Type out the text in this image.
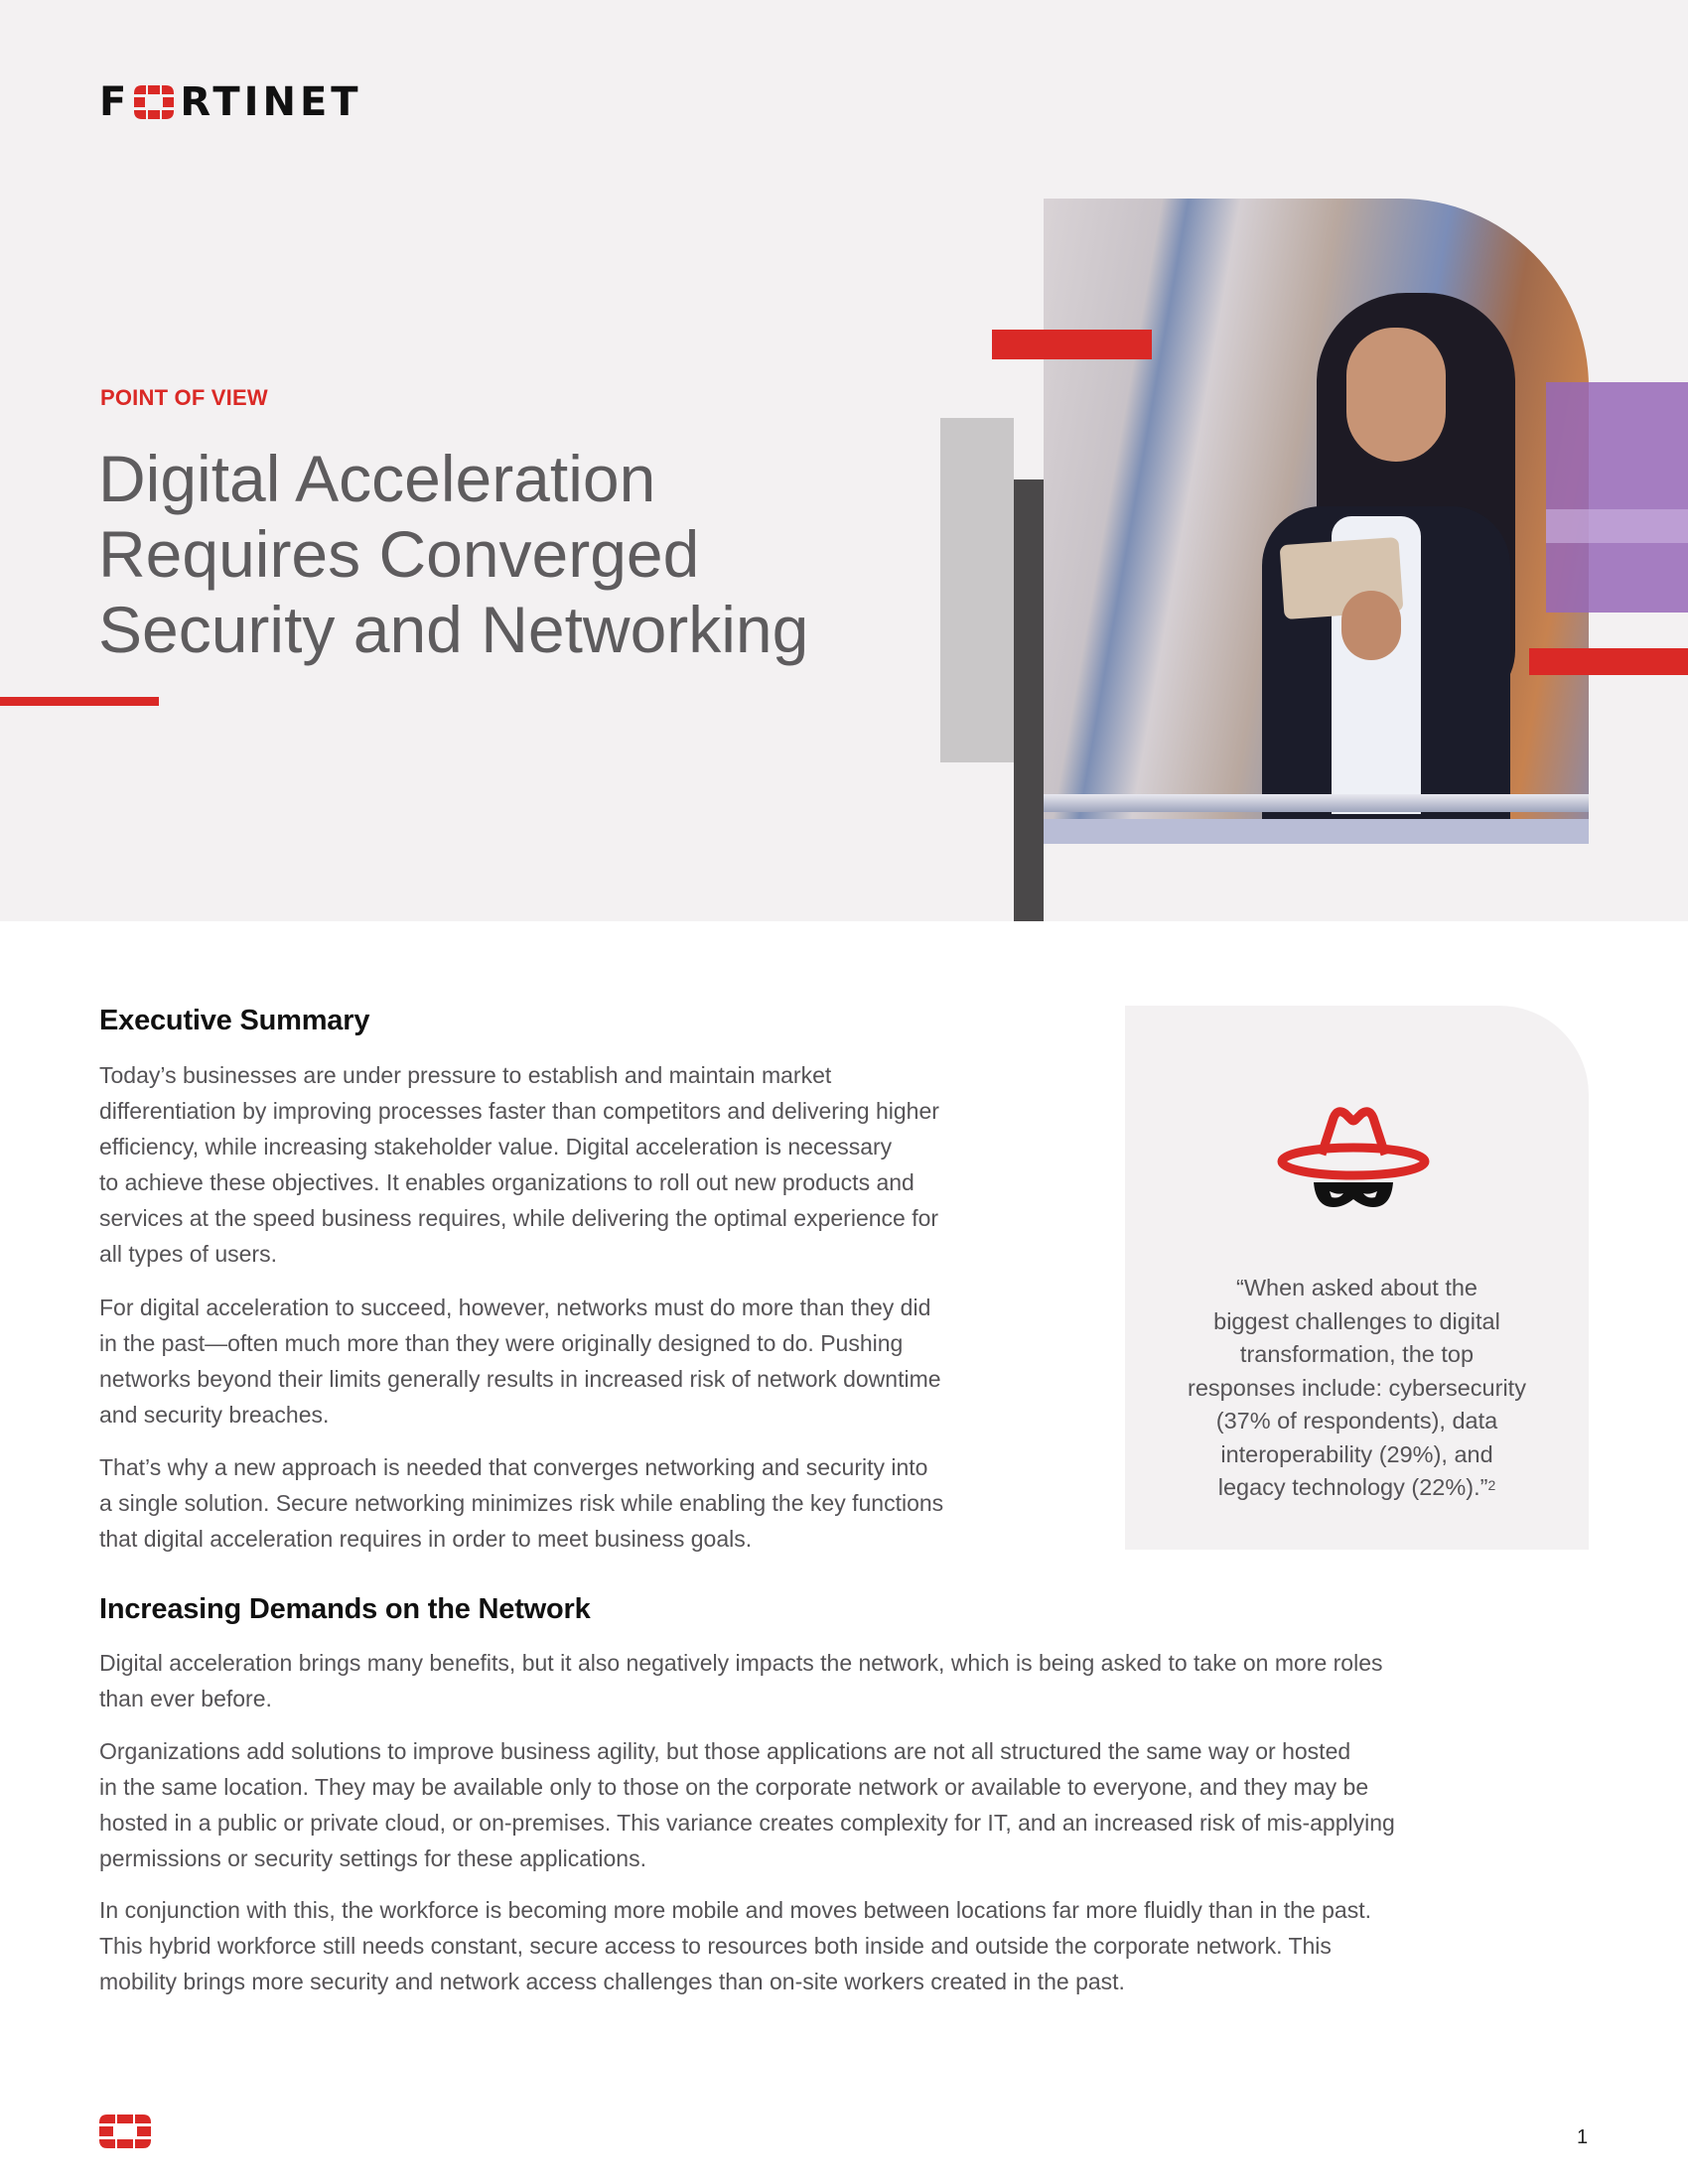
F RTINET
POINT OF VIEW
Digital Acceleration
Requires Converged
Security and Networking
Executive Summary
Today’s businesses are under pressure to establish and maintain market
differentiation by improving processes faster than competitors and delivering higher
efficiency, while increasing stakeholder value. Digital acceleration is necessary
to achieve these objectives. It enables organizations to roll out new products and
services at the speed business requires, while delivering the optimal experience for
all types of users.
For digital acceleration to succeed, however, networks must do more than they did
in the past—often much more than they were originally designed to do. Pushing
networks beyond their limits generally results in increased risk of network downtime
and security breaches.
That’s why a new approach is needed that converges networking and security into
a single solution. Secure networking minimizes risk while enabling the key functions
that digital acceleration requires in order to meet business goals.
“When asked about the
biggest challenges to digital
transformation, the top
responses include: cybersecurity
(37% of respondents), data
interoperability (29%), and
legacy technology (22%).”$^2$
Increasing Demands on the Network
Digital acceleration brings many benefits, but it also negatively impacts the network, which is being asked to take on more roles
than ever before.
Organizations add solutions to improve business agility, but those applications are not all structured the same way or hosted
in the same location. They may be available only to those on the corporate network or available to everyone, and they may be
hosted in a public or private cloud, or on-premises. This variance creates complexity for IT, and an increased risk of mis-applying
permissions or security settings for these applications.
In conjunction with this, the workforce is becoming more mobile and moves between locations far more fluidly than in the past.
This hybrid workforce still needs constant, secure access to resources both inside and outside the corporate network. This
mobility brings more security and network access challenges than on-site workers created in the past.
1
